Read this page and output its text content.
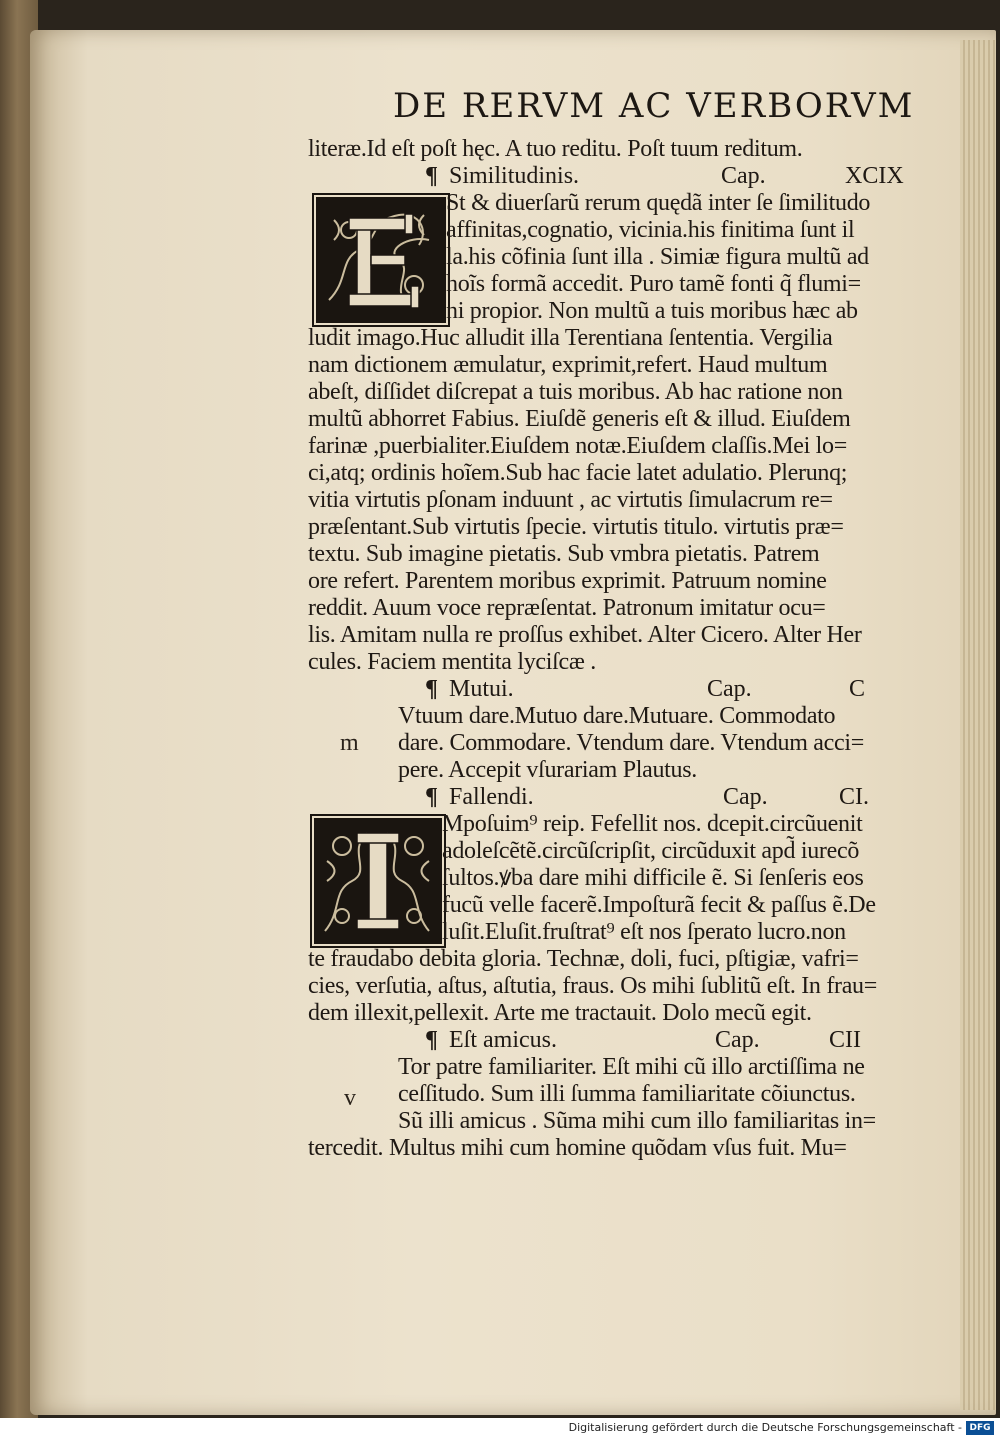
DE RERVM AC VERBORVM
literæ.Id eſt poſt hęc. A tuo reditu. Poſt tuum reditum.
¶ Similitudinis.	Cap.	XCIX
St & diuerſarũ rerum quędã inter ſe ſimilitudo
affinitas,cognatio, vicinia.his finitima ſunt il
la.his cõfinia ſunt illa . Simiæ figura multũ ad
hoĩs formã accedit. Puro tamẽ fonti q̃ flumi=
ni propior. Non multũ a tuis moribus hæc ab
ludit imago.Huc alludit illa Terentiana ſententia. Vergilia
nam dictionem æmulatur, exprimit,refert. Haud multum
abeſt, diſſidet diſcrepat a tuis moribus. Ab hac ratione non
multũ abhorret Fabius. Eiuſdẽ generis eſt & illud. Eiuſdem
farinæ ,puerbialiter.Eiuſdem notæ.Eiuſdem claſſis.Mei lo=
ci,atq; ordinis hoĩem.Sub hac facie latet adulatio. Plerunq;
vitia virtutis pſonam induunt , ac virtutis ſimulacrum re=
præſentant.Sub virtutis ſpecie. virtutis titulo. virtutis præ=
textu. Sub imagine pietatis. Sub vmbra pietatis. Patrem
ore refert. Parentem moribus exprimit. Patruum nomine
reddit. Auum voce repræſentat. Patronum imitatur ocu=
lis. Amitam nulla re proſſus exhibet. Alter Cicero. Alter Her
cules. Faciem mentita lyciſcæ .
¶ Mutui.	Cap.	C
m
Vtuum dare.Mutuo dare.Mutuare. Commodato
dare. Commodare. Vtendum dare. Vtendum acci=
pere. Accepit vſurariam Plautus.
¶ Fallendi.	Cap.	CI.
Mpoſuim⁹ reip. Fefellit nos. dcepit.circũuenit
adoleſcẽtẽ.circũſcripſit, circũduxit apd̃ iurecõ
ſultos.ꝟba dare mihi difficile ẽ. Si ſenſeris eos
fucũ velle facerẽ.Impoſturã fecit & paſſus ẽ.De
luſit.Eluſit.fruſtrat⁹ eſt nos ſperato lucro.non
te fraudabo debita gloria. Technæ, doli, fuci, pſtigiæ, vafri=
cies, verſutia, aſtus, aſtutia, fraus. Os mihi ſublitũ eſt. In frau=
dem illexit,pellexit. Arte me tractauit. Dolo mecũ egit.
¶ Eſt amicus.	Cap.	CII
v
Tor patre familiariter. Eſt mihi cũ illo arctiſſima ne
ceſſitudo. Sum illi ſumma familiaritate cõiunctus.
Sũ illi amicus . Sũma mihi cum illo familiaritas in=
tercedit. Multus mihi cum homine quõdam vſus fuit. Mu=
Digitalisierung gefördert durch die Deutsche Forschungsgemeinschaft - DFG
